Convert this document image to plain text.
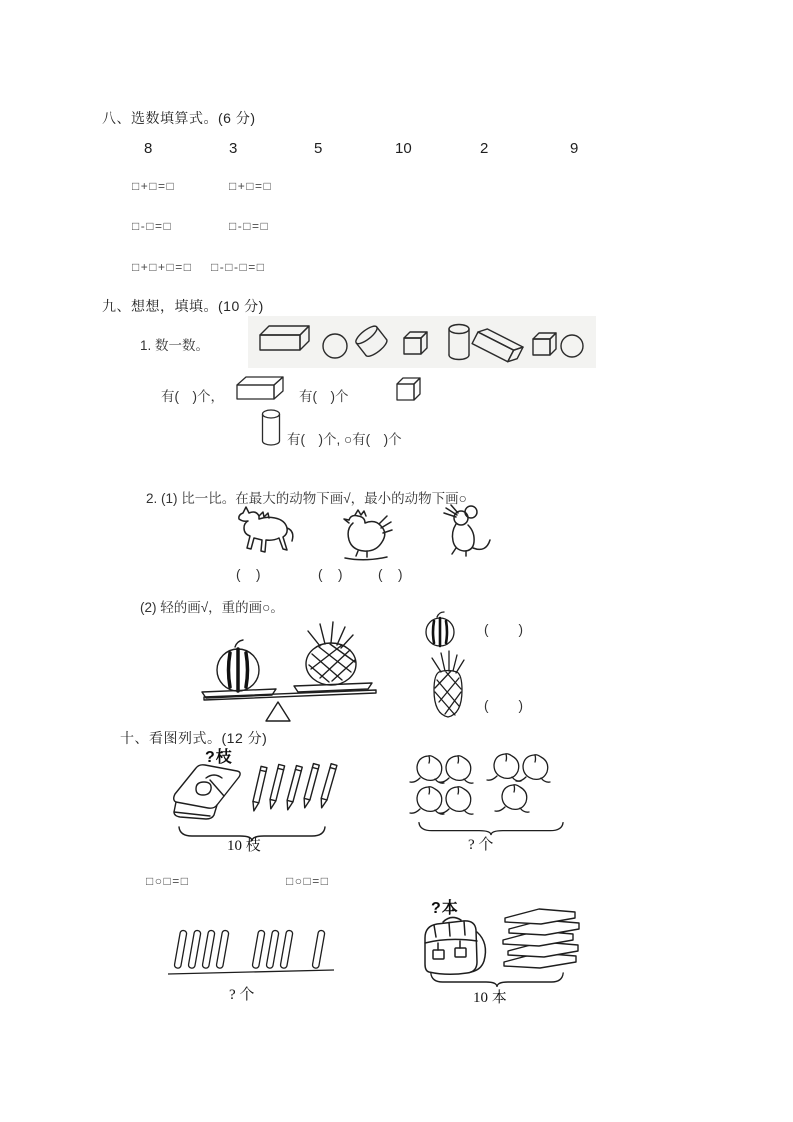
八、选数填算式。(6 分)
8	3	5	10	2	9
□+□=□	□+□=□
□-□=□	□-□=□
□+□+□=□ □-□-□=□
九、想想，填填。(10 分)
1. 数一数。
有(　)个，	有(　)个
有(　)个, ○有(　)个
2. (1) 比一比。在最大的动物下画√，最小的动物下画○
(　)	(　)	(　)
(2) 轻的画√，重的画○。
(　　)
(　　)
十、看图列式。(12 分)
?枝
10 枝	? 个
□○□=□	□○□=□
? 个
?本
10 本
